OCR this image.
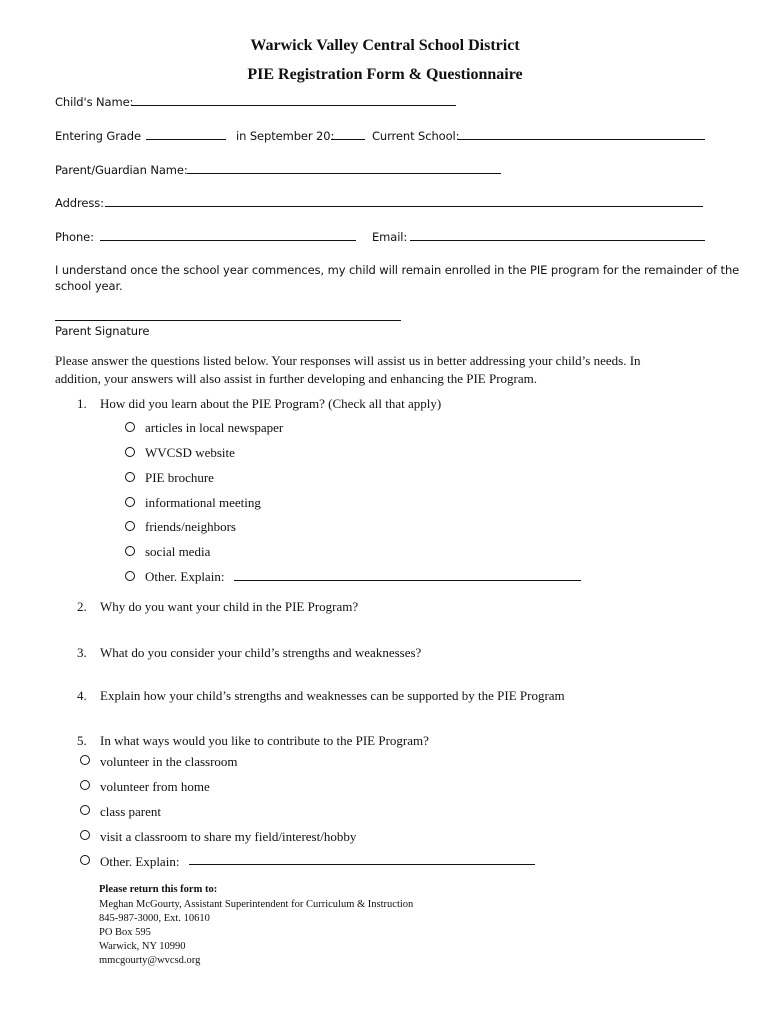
Warwick Valley Central School District
PIE Registration Form & Questionnaire
Child's Name:
Entering Grade	in September 20:	Current School:
Parent/Guardian Name:
Address:
Phone:	Email:
I understand once the school year commences, my child will remain enrolled in the PIE program for the remainder of the
school year.
Parent Signature
Please answer the questions listed below. Your responses will assist us in better addressing your child’s needs. In
addition, your answers will also assist in further developing and enhancing the PIE Program.
1. How did you learn about the PIE Program? (Check all that apply)
articles in local newspaper
WVCSD website
PIE brochure
informational meeting
friends/neighbors
social media
Other. Explain:
2. Why do you want your child in the PIE Program?
3. What do you consider your child’s strengths and weaknesses?
4. Explain how your child’s strengths and weaknesses can be supported by the PIE Program
5. In what ways would you like to contribute to the PIE Program?
volunteer in the classroom
volunteer from home
class parent
visit a classroom to share my field/interest/hobby
Other. Explain:
Please return this form to:
Meghan McGourty, Assistant Superintendent for Curriculum & Instruction
845-987-3000, Ext. 10610
PO Box 595
Warwick, NY 10990
mmcgourty@wvcsd.org
